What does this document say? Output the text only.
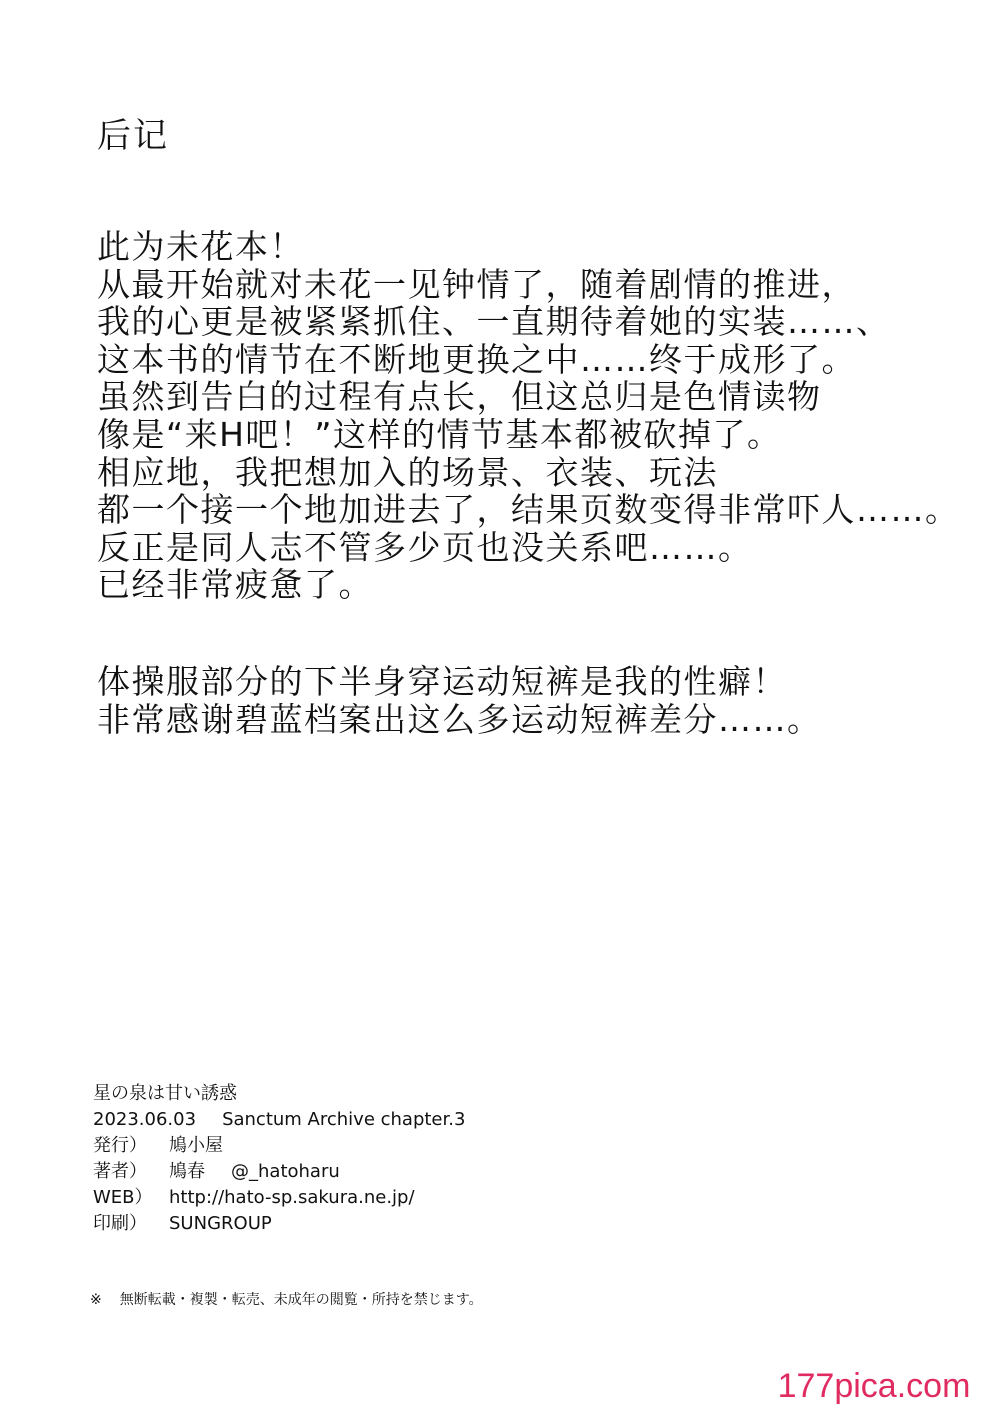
后记

此为未花本！

从最开始就对未花一见钟情了，随着剧情的推进，

我的心更是被紧紧抓住、一直期待着她的实装……、

这本书的情节在不断地更换之中……终于成形了。

虽然到告白的过程有点长，但这总归是色情读物

像是“来H吧！”这样的情节基本都被砍掉了。

相应地，我把想加入的场景、衣装、玩法

都一个接一个地加进去了，结果页数变得非常吓人……。

反正是同人志不管多少页也没关系吧……。

已经非常疲惫了。

体操服部分的下半身穿运动短裤是我的性癖！

非常感谢碧蓝档案出这么多运动短裤差分……。

星の泉は甘い誘惑
2023.06.03 Sanctum Archive chapter.3
発行）	鳩小屋
著者）	鳩春 @_hatoharu
WEB） http://hato-sp.sakura.ne.jp/
印刷）	SUNGROUP
※ 無断転載・複製・転売、未成年の閲覧・所持を禁じます。
177pica.com
